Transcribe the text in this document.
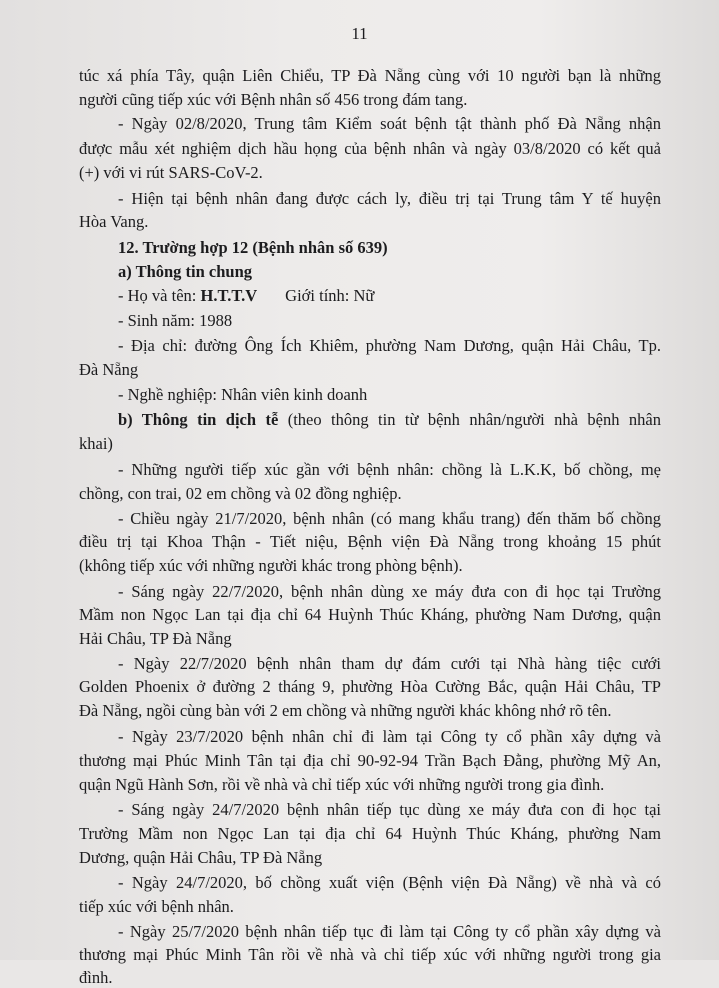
11
túc xá phía Tây, quận Liên Chiểu, TP Đà Nẵng cùng với 10 người bạn là những
người cũng tiếp xúc với Bệnh nhân số 456 trong đám tang.
- Ngày 02/8/2020, Trung tâm Kiểm soát bệnh tật thành phố Đà Nẵng nhận
được mẫu xét nghiệm dịch hầu họng của bệnh nhân và ngày 03/8/2020 có kết quả
(+) với vi rút SARS-CoV-2.
- Hiện tại bệnh nhân đang được cách ly, điều trị tại Trung tâm Y tế huyện
Hòa Vang.
12. Trường hợp 12 (Bệnh nhân số 639)
a) Thông tin chung
- Họ và tên: H.T.T.V Giới tính: Nữ
- Sinh năm: 1988
- Địa chỉ: đường Ông Ích Khiêm, phường Nam Dương, quận Hải Châu, Tp.
Đà Nẵng
- Nghề nghiệp: Nhân viên kinh doanh
b) Thông tin dịch tễ (theo thông tin từ bệnh nhân/người nhà bệnh nhân
khai)
- Những người tiếp xúc gần với bệnh nhân: chồng là L.K.K, bố chồng, mẹ
chồng, con trai, 02 em chồng và 02 đồng nghiệp.
- Chiều ngày 21/7/2020, bệnh nhân (có mang khẩu trang) đến thăm bố chồng
điều trị tại Khoa Thận - Tiết niệu, Bệnh viện Đà Nẵng trong khoảng 15 phút
(không tiếp xúc với những người khác trong phòng bệnh).
- Sáng ngày 22/7/2020, bệnh nhân dùng xe máy đưa con đi học tại Trường
Mầm non Ngọc Lan tại địa chỉ 64 Huỳnh Thúc Kháng, phường Nam Dương, quận
Hải Châu, TP Đà Nẵng
- Ngày 22/7/2020 bệnh nhân tham dự đám cưới tại Nhà hàng tiệc cưới
Golden Phoenix ở đường 2 tháng 9, phường Hòa Cường Bắc, quận Hải Châu, TP
Đà Nẵng, ngồi cùng bàn với 2 em chồng và những người khác không nhớ rõ tên.
- Ngày 23/7/2020 bệnh nhân chỉ đi làm tại Công ty cổ phần xây dựng và
thương mại Phúc Minh Tân tại địa chỉ 90-92-94 Trần Bạch Đằng, phường Mỹ An,
quận Ngũ Hành Sơn, rồi về nhà và chỉ tiếp xúc với những người trong gia đình.
- Sáng ngày 24/7/2020 bệnh nhân tiếp tục dùng xe máy đưa con đi học tại
Trường Mầm non Ngọc Lan tại địa chỉ 64 Huỳnh Thúc Kháng, phường Nam
Dương, quận Hải Châu, TP Đà Nẵng
- Ngày 24/7/2020, bố chồng xuất viện (Bệnh viện Đà Nẵng) về nhà và có
tiếp xúc với bệnh nhân.
- Ngày 25/7/2020 bệnh nhân tiếp tục đi làm tại Công ty cổ phần xây dựng và
thương mại Phúc Minh Tân rồi về nhà và chỉ tiếp xúc với những người trong gia
đình.
